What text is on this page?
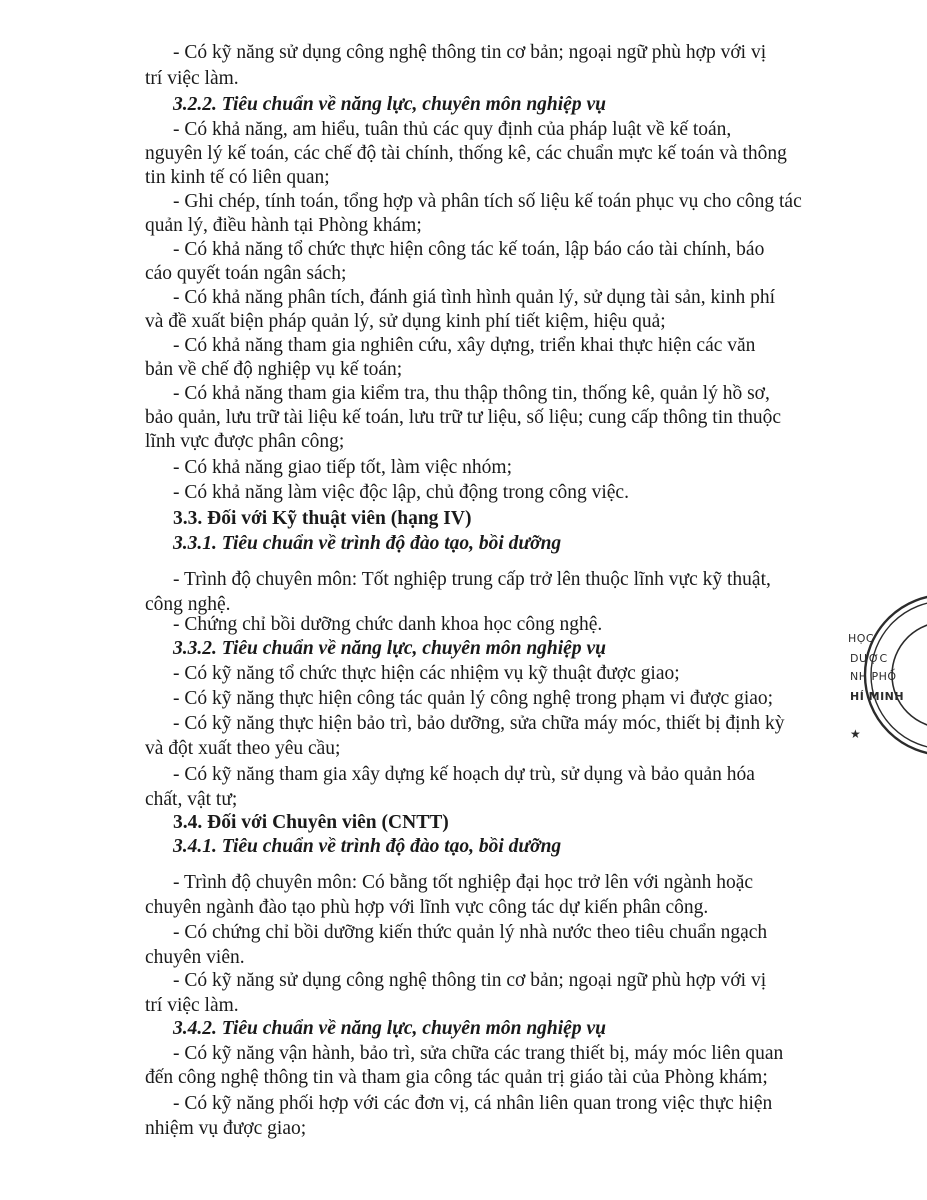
- Có kỹ năng sử dụng công nghệ thông tin cơ bản; ngoại ngữ phù hợp với vị
trí việc làm.
3.2.2. Tiêu chuẩn về năng lực, chuyên môn nghiệp vụ
- Có khả năng, am hiểu, tuân thủ các quy định của pháp luật về kế toán,
nguyên lý kế toán, các chế độ tài chính, thống kê, các chuẩn mực kế toán và thông
tin kinh tế có liên quan;
- Ghi chép, tính toán, tổng hợp và phân tích số liệu kế toán phục vụ cho công tác
quản lý, điều hành tại Phòng khám;
- Có khả năng tổ chức thực hiện công tác kế toán, lập báo cáo tài chính, báo
cáo quyết toán ngân sách;
- Có khả năng phân tích, đánh giá tình hình quản lý, sử dụng tài sản, kinh phí
và đề xuất biện pháp quản lý, sử dụng kinh phí tiết kiệm, hiệu quả;
- Có khả năng tham gia nghiên cứu, xây dựng, triển khai thực hiện các văn
bản về chế độ nghiệp vụ kế toán;
- Có khả năng tham gia kiểm tra, thu thập thông tin, thống kê, quản lý hồ sơ,
bảo quản, lưu trữ tài liệu kế toán, lưu trữ tư liệu, số liệu; cung cấp thông tin thuộc
lĩnh vực được phân công;
- Có khả năng giao tiếp tốt, làm việc nhóm;
- Có khả năng làm việc độc lập, chủ động trong công việc.
3.3. Đối với Kỹ thuật viên (hạng IV)
3.3.1. Tiêu chuẩn về trình độ đào tạo, bồi dưỡng
- Trình độ chuyên môn: Tốt nghiệp trung cấp trở lên thuộc lĩnh vực kỹ thuật,
công nghệ.
- Chứng chỉ bồi dưỡng chức danh khoa học công nghệ.
3.3.2. Tiêu chuẩn về năng lực, chuyên môn nghiệp vụ
- Có kỹ năng tổ chức thực hiện các nhiệm vụ kỹ thuật được giao;
- Có kỹ năng thực hiện công tác quản lý công nghệ trong phạm vi được giao;
- Có kỹ năng thực hiện bảo trì, bảo dưỡng, sửa chữa máy móc, thiết bị định kỳ
và đột xuất theo yêu cầu;
- Có kỹ năng tham gia xây dựng kế hoạch dự trù, sử dụng và bảo quản hóa
chất, vật tư;
3.4. Đối với Chuyên viên (CNTT)
3.4.1. Tiêu chuẩn về trình độ đào tạo, bồi dưỡng
- Trình độ chuyên môn: Có bằng tốt nghiệp đại học trở lên với ngành hoặc
chuyên ngành đào tạo phù hợp với lĩnh vực công tác dự kiến phân công.
- Có chứng chỉ bồi dưỡng kiến thức quản lý nhà nước theo tiêu chuẩn ngạch
chuyên viên.
- Có kỹ năng sử dụng công nghệ thông tin cơ bản; ngoại ngữ phù hợp với vị
trí việc làm.
3.4.2. Tiêu chuẩn về năng lực, chuyên môn nghiệp vụ
- Có kỹ năng vận hành, bảo trì, sửa chữa các trang thiết bị, máy móc liên quan
đến công nghệ thông tin và tham gia công tác quản trị giáo tài của Phòng khám;
- Có kỹ năng phối hợp với các đơn vị, cá nhân liên quan trong việc thực hiện
nhiệm vụ được giao;
★
HỌC
DƯỢC
NH PHỐ
HÍ MINH
